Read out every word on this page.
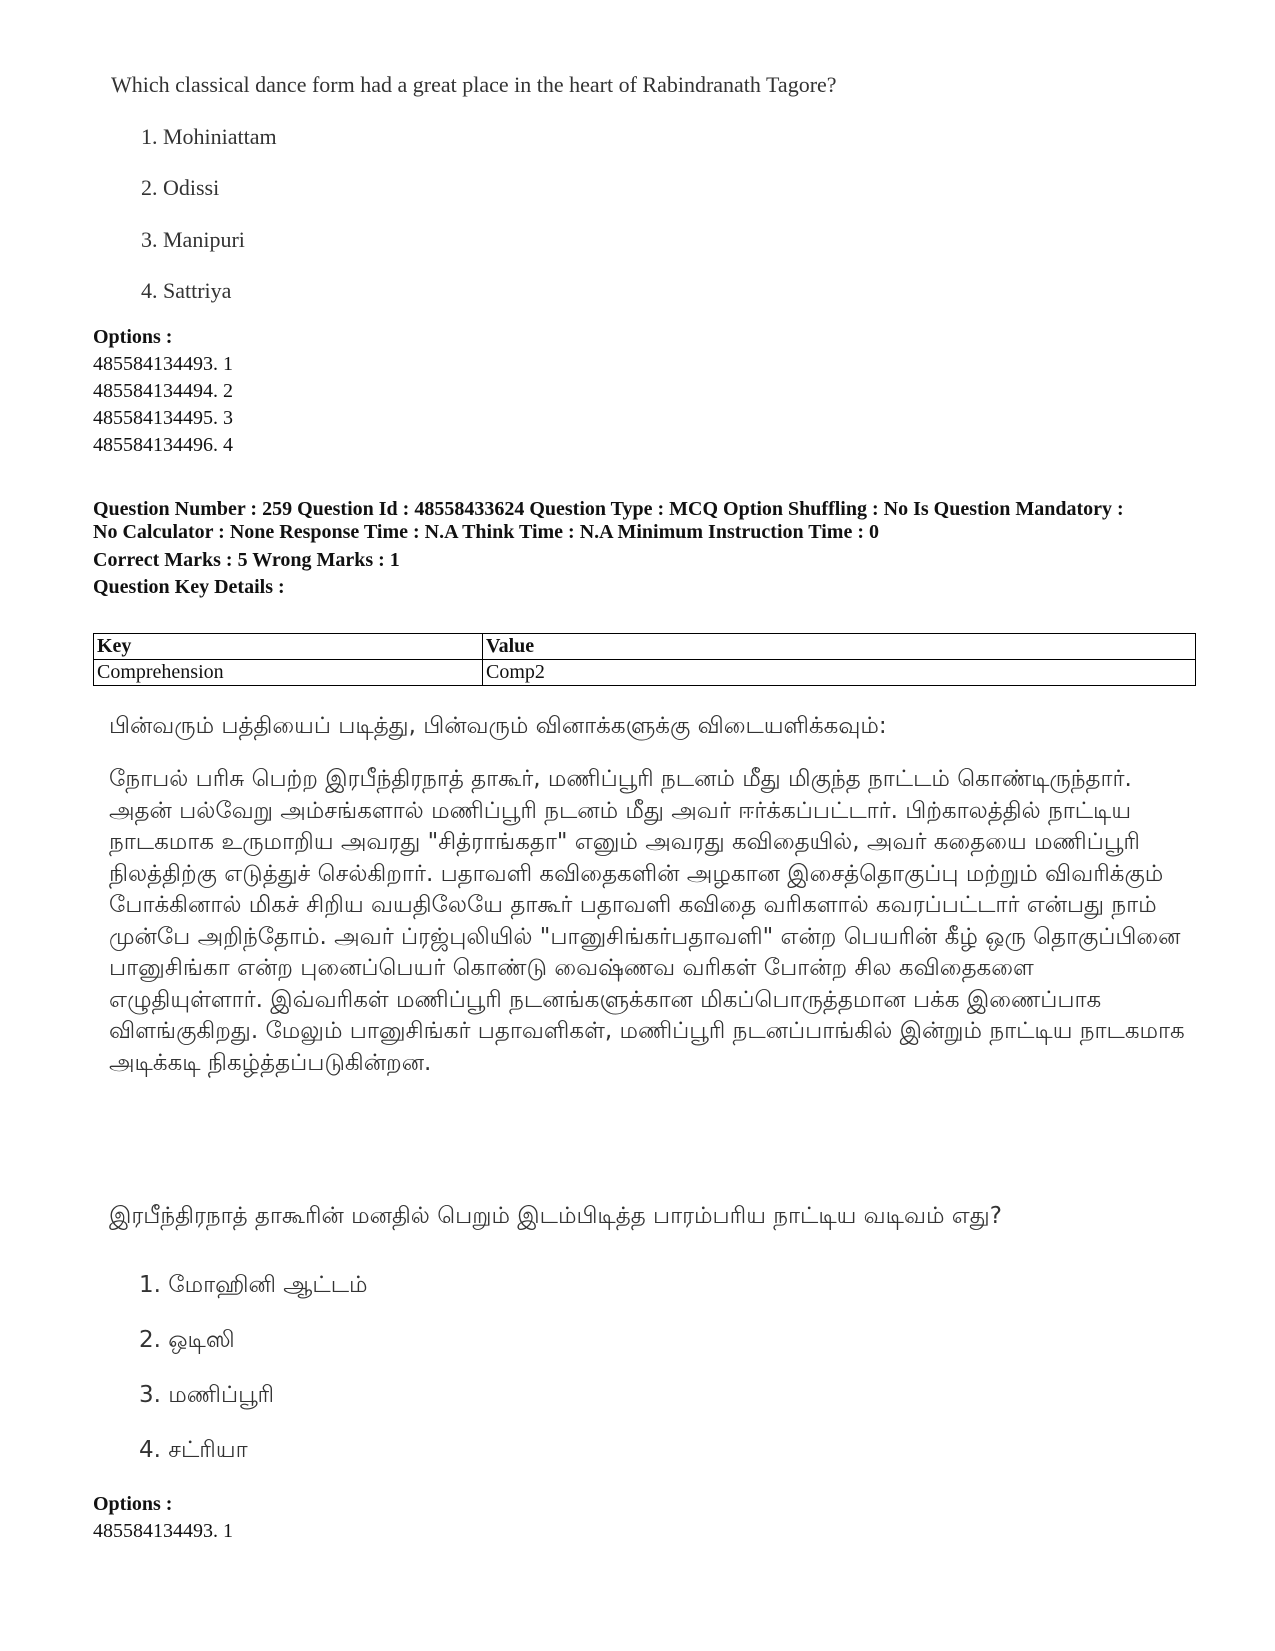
Which classical dance form had a great place in the heart of Rabindranath Tagore?
1. Mohiniattam
2. Odissi
3. Manipuri
4. Sattriya
Options :
485584134493. 1
485584134494. 2
485584134495. 3
485584134496. 4
Question Number : 259 Question Id : 48558433624 Question Type : MCQ Option Shuffling : No Is Question Mandatory :
No Calculator : None Response Time : N.A Think Time : N.A Minimum Instruction Time : 0
Correct Marks : 5 Wrong Marks : 1
Question Key Details :
Key	Value
Comprehension	Comp2
பின்வரும் பத்தியைப் படித்து, பின்வரும் வினாக்களுக்கு விடையளிக்கவும்:
நோபல் பரிசு பெற்ற இரபீந்திரநாத் தாகூர், மணிப்பூரி நடனம் மீது மிகுந்த நாட்டம் கொண்டிருந்தார். அதன் பல்வேறு அம்சங்களால் மணிப்பூரி நடனம் மீது அவர் ஈர்க்கப்பட்டார். பிற்காலத்தில் நாட்டிய நாடகமாக உருமாறிய அவரது "சித்ராங்கதா" எனும் அவரது கவிதையில், அவர் கதையை மணிப்பூரி நிலத்திற்கு எடுத்துச் செல்கிறார். பதாவளி கவிதைகளின் அழகான இசைத்தொகுப்பு மற்றும் விவரிக்கும் போக்கினால் மிகச் சிறிய வயதிலேயே தாகூர் பதாவளி கவிதை வரிகளால் கவரப்பட்டார் என்பது நாம் முன்பே அறிந்தோம். அவர் ப்ரஜ்புலியில் "பானுசிங்கர்பதாவளி" என்ற பெயரின் கீழ் ஒரு தொகுப்பினை பானுசிங்கா என்ற புனைப்பெயர் கொண்டு வைஷ்ணவ வரிகள் போன்ற சில கவிதைகளை எழுதியுள்ளார். இவ்வரிகள் மணிப்பூரி நடனங்களுக்கான மிகப்பொருத்தமான பக்க இணைப்பாக விளங்குகிறது. மேலும் பானுசிங்கர் பதாவளிகள், மணிப்பூரி நடனப்பாங்கில் இன்றும் நாட்டிய நாடகமாக அடிக்கடி நிகழ்த்தப்படுகின்றன.
இரபீந்திரநாத் தாகூரின் மனதில் பெறும் இடம்பிடித்த பாரம்பரிய நாட்டிய வடிவம் எது?
1. மோஹினி ஆட்டம்
2. ஒடிஸி
3. மணிப்பூரி
4. சட்ரியா
Options :
485584134493. 1
